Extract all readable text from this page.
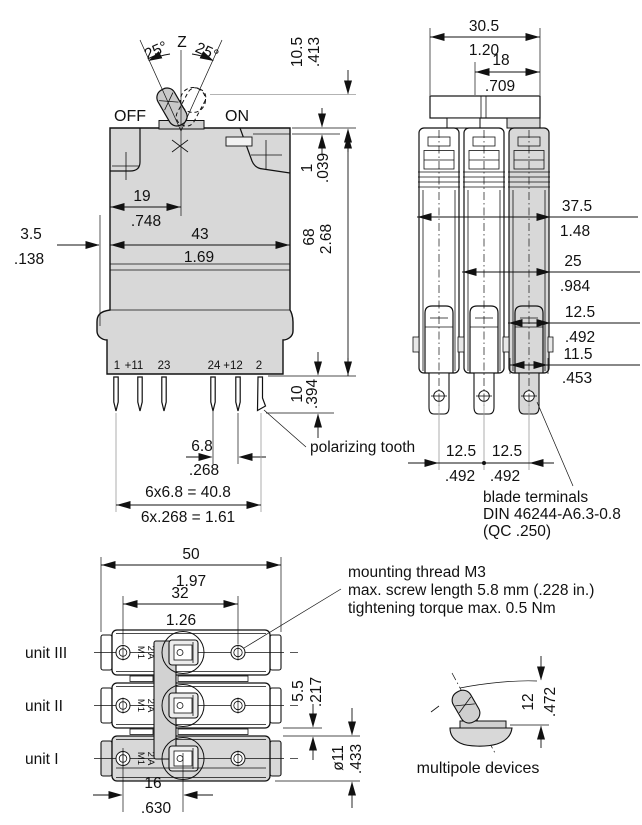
Z
25° 25°
OFF	ON
19
.748
3.5
.138
43
1.69
1 +11 23	24 +12 2
polarizing tooth
6.8
.268
6x6.8 = 40.8
6x.268 = 1.61
10.5 .413
1 .039
68 2.68
10
.394
30.5
1.20
18
.709
37.5
1.48
25
.984
12.5
.492
11.5
.453
12.5 12.5
.492 .492
blade terminals
DIN 46244-A6.3-0.8
(QC .250)
unit III
unit II
unit I
M1 2 A
M1 2 A
M1 2 A
50
1.97
32
1.26
16
.630
5.5 .217
ø11 .433
mounting thread M3
max. screw length 5.8 mm (.228 in.)
tightening torque max. 0.5 Nm
12 .472
multipole devices
